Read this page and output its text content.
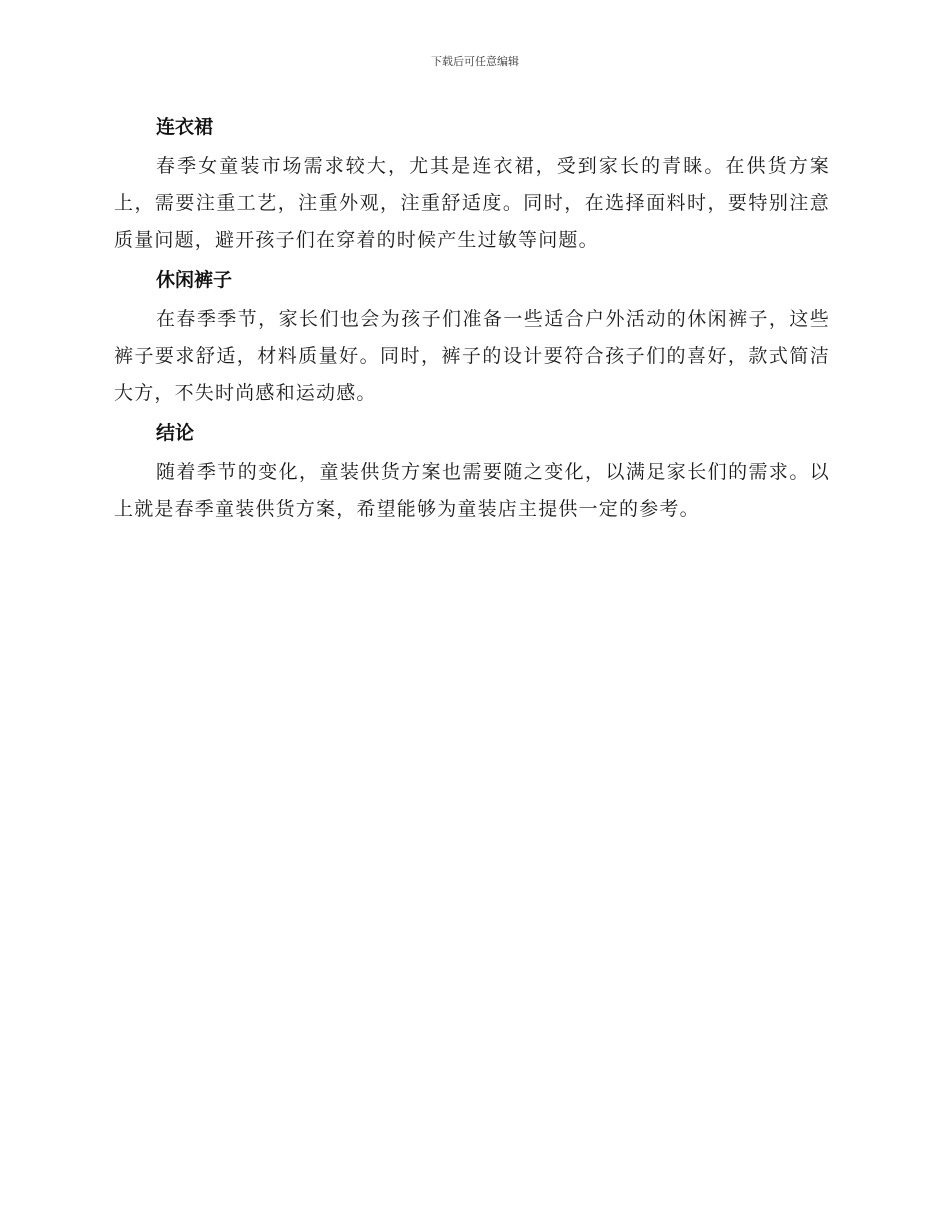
下载后可任意编辑
连衣裙

春季女童装市场需求较大，尤其是连衣裙，受到家长的青睐。在供货方案上，需要注重工艺，注重外观，注重舒适度。同时，在选择面料时，要特别注意质量问题，避开孩子们在穿着的时候产生过敏等问题。

休闲裤子

在春季季节，家长们也会为孩子们准备一些适合户外活动的休闲裤子，这些裤子要求舒适，材料质量好。同时，裤子的设计要符合孩子们的喜好，款式简洁大方，不失时尚感和运动感。

结论

随着季节的变化，童装供货方案也需要随之变化，以满足家长们的需求。以上就是春季童装供货方案，希望能够为童装店主提供一定的参考。
